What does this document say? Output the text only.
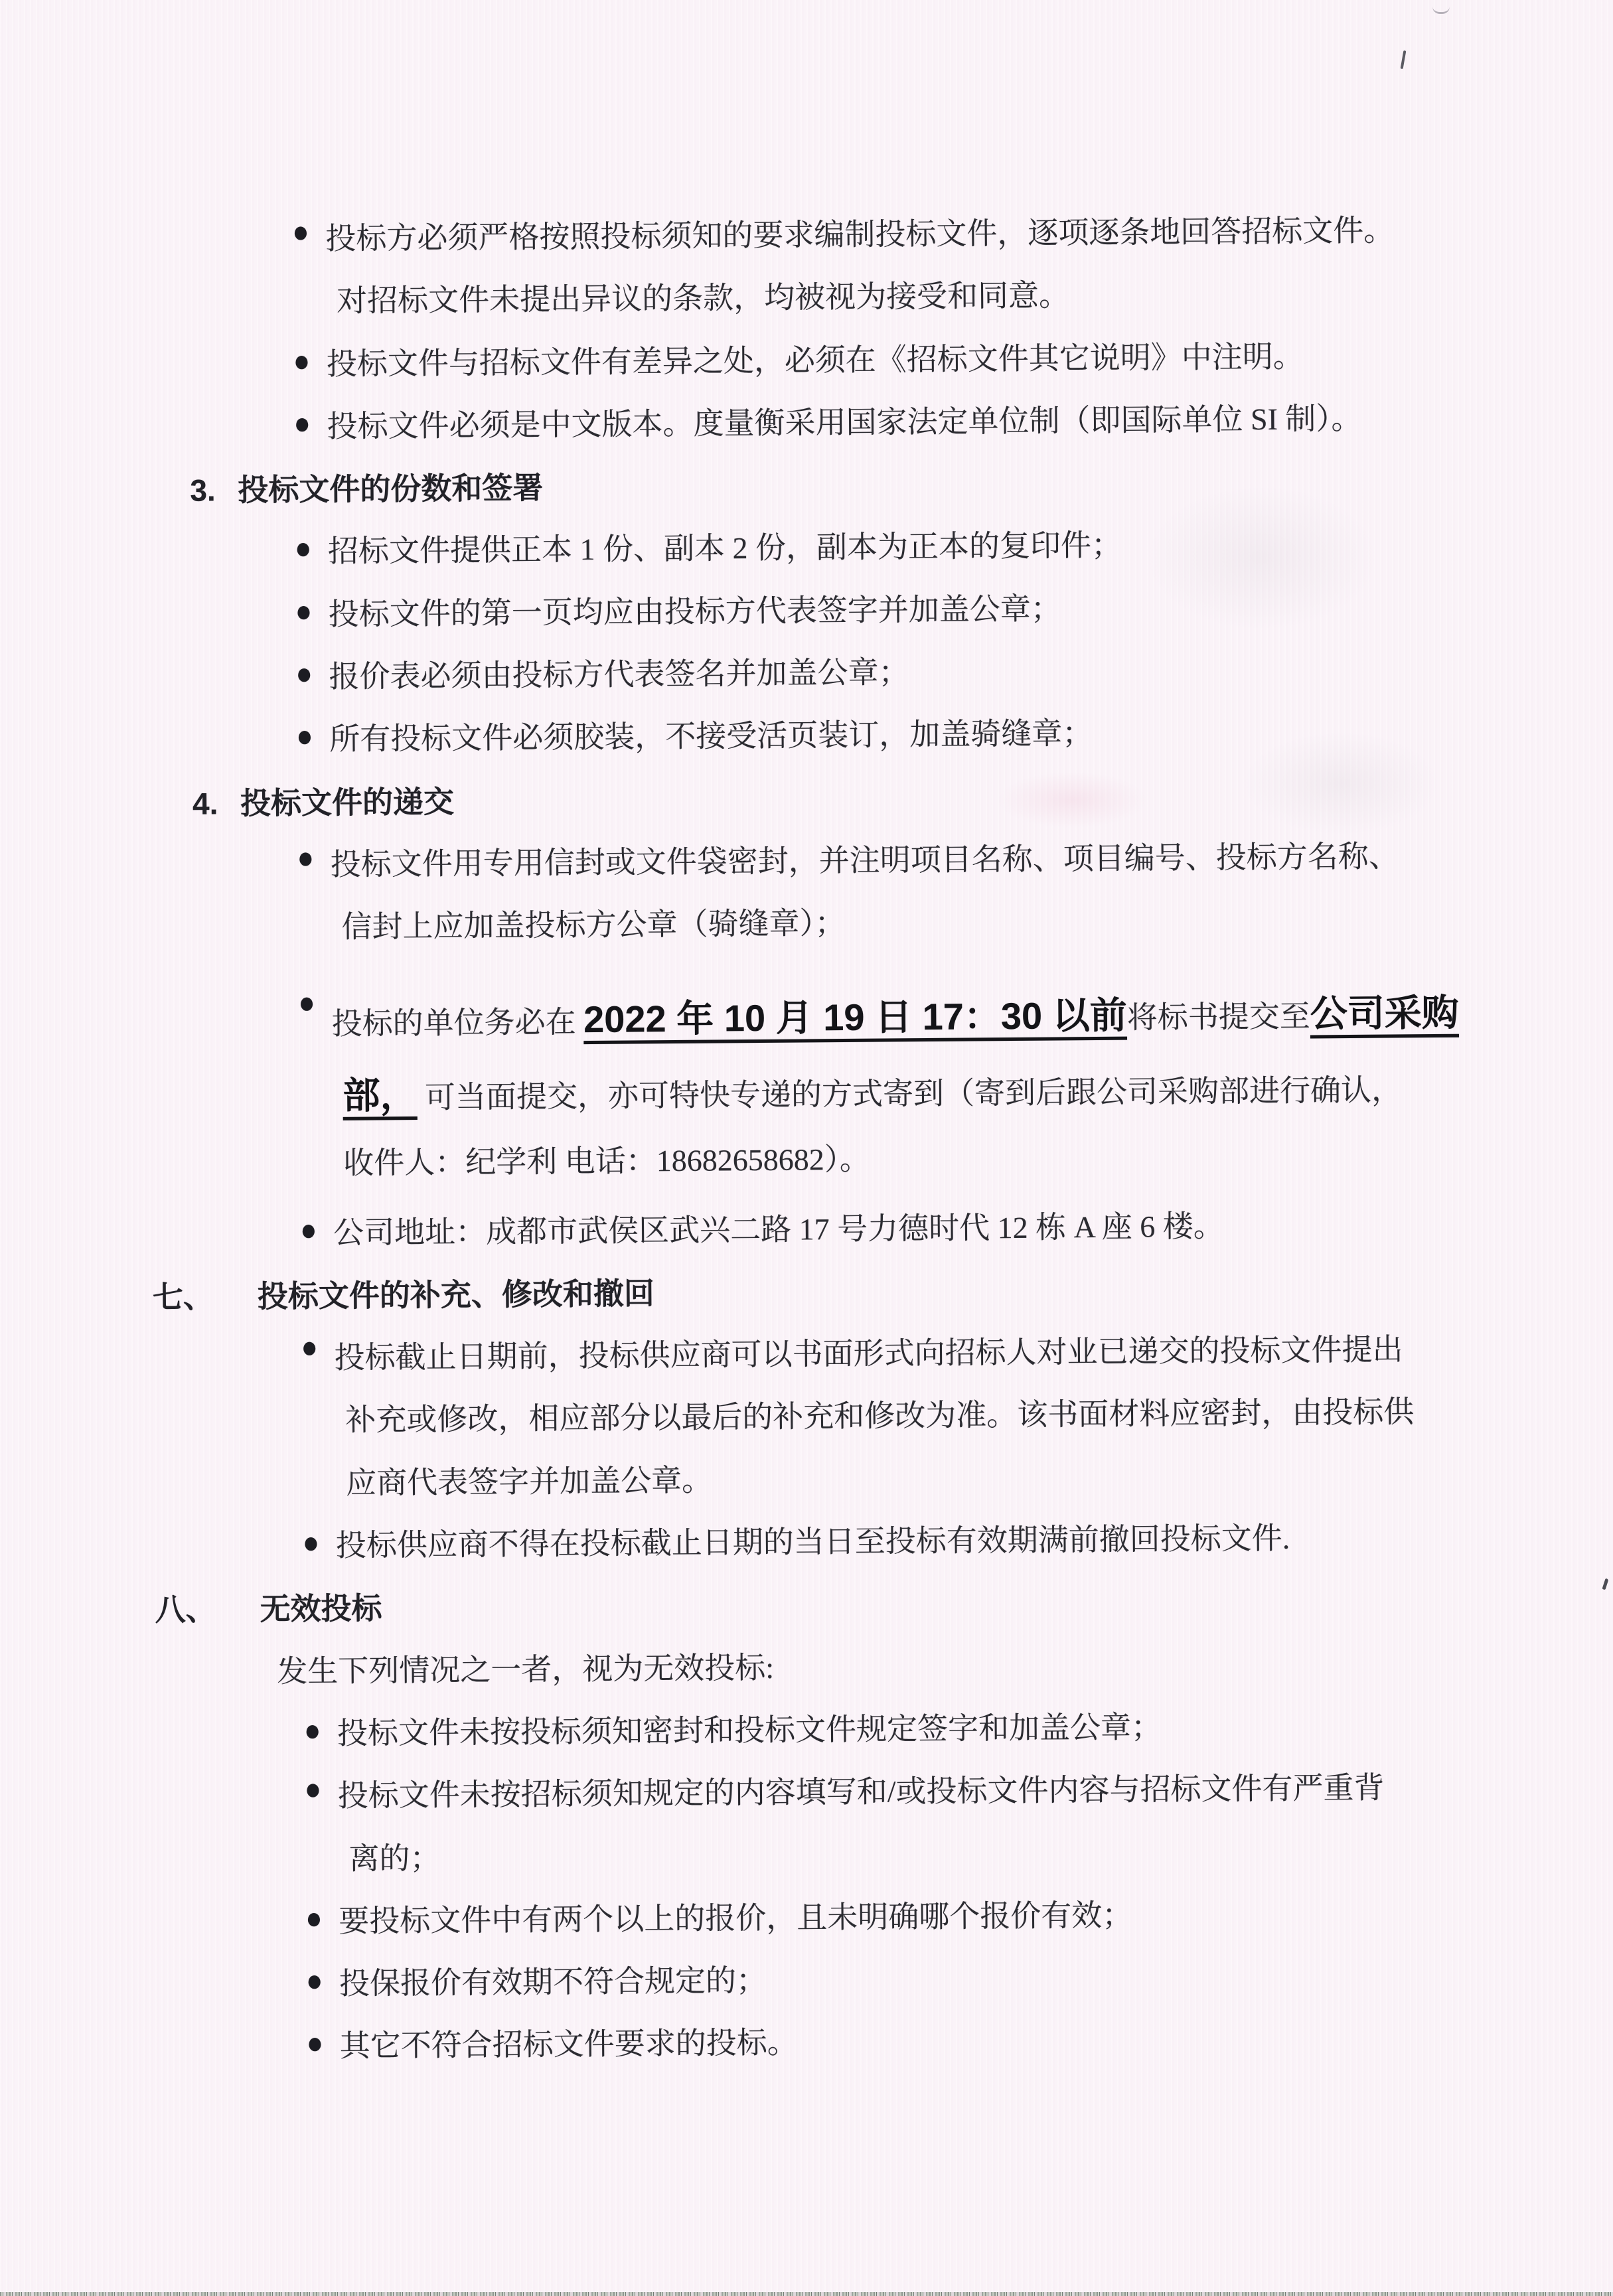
● 投标方必须严格按照投标须知的要求编制投标文件，逐项逐条地回答招标文件。
对招标文件未提出异议的条款，均被视为接受和同意。
● 投标文件与招标文件有差异之处，必须在《招标文件其它说明》中注明。
● 投标文件必须是中文版本。度量衡采用国家法定单位制（即国际单位 SI 制）。
3. 投标文件的份数和签署
● 招标文件提供正本 1 份、副本 2 份，副本为正本的复印件；
● 投标文件的第一页均应由投标方代表签字并加盖公章；
● 报价表必须由投标方代表签名并加盖公章；
● 所有投标文件必须胶装，不接受活页装订，加盖骑缝章；
4. 投标文件的递交
● 投标文件用专用信封或文件袋密封，并注明项目名称、项目编号、投标方名称、
信封上应加盖投标方公章（骑缝章）；
●
投标的单位务必在 2022 年 10 月 19 日 17：30 以前将标书提交至公司采购
部， 可当面提交，亦可特快专递的方式寄到（寄到后跟公司采购部进行确认，
收件人：纪学利 电话：18682658682）。
● 公司地址：成都市武侯区武兴二路 17 号力德时代 12 栋 A 座 6 楼。
七、 投标文件的补充、修改和撤回
● 投标截止日期前，投标供应商可以书面形式向招标人对业已递交的投标文件提出
补充或修改，相应部分以最后的补充和修改为准。该书面材料应密封，由投标供
应商代表签字并加盖公章。
● 投标供应商不得在投标截止日期的当日至投标有效期满前撤回投标文件.
八、 无效投标
发生下列情况之一者，视为无效投标:
● 投标文件未按投标须知密封和投标文件规定签字和加盖公章；
● 投标文件未按招标须知规定的内容填写和/或投标文件内容与招标文件有严重背
离的；
● 要投标文件中有两个以上的报价，且未明确哪个报价有效；
● 投保报价有效期不符合规定的；
● 其它不符合招标文件要求的投标。
